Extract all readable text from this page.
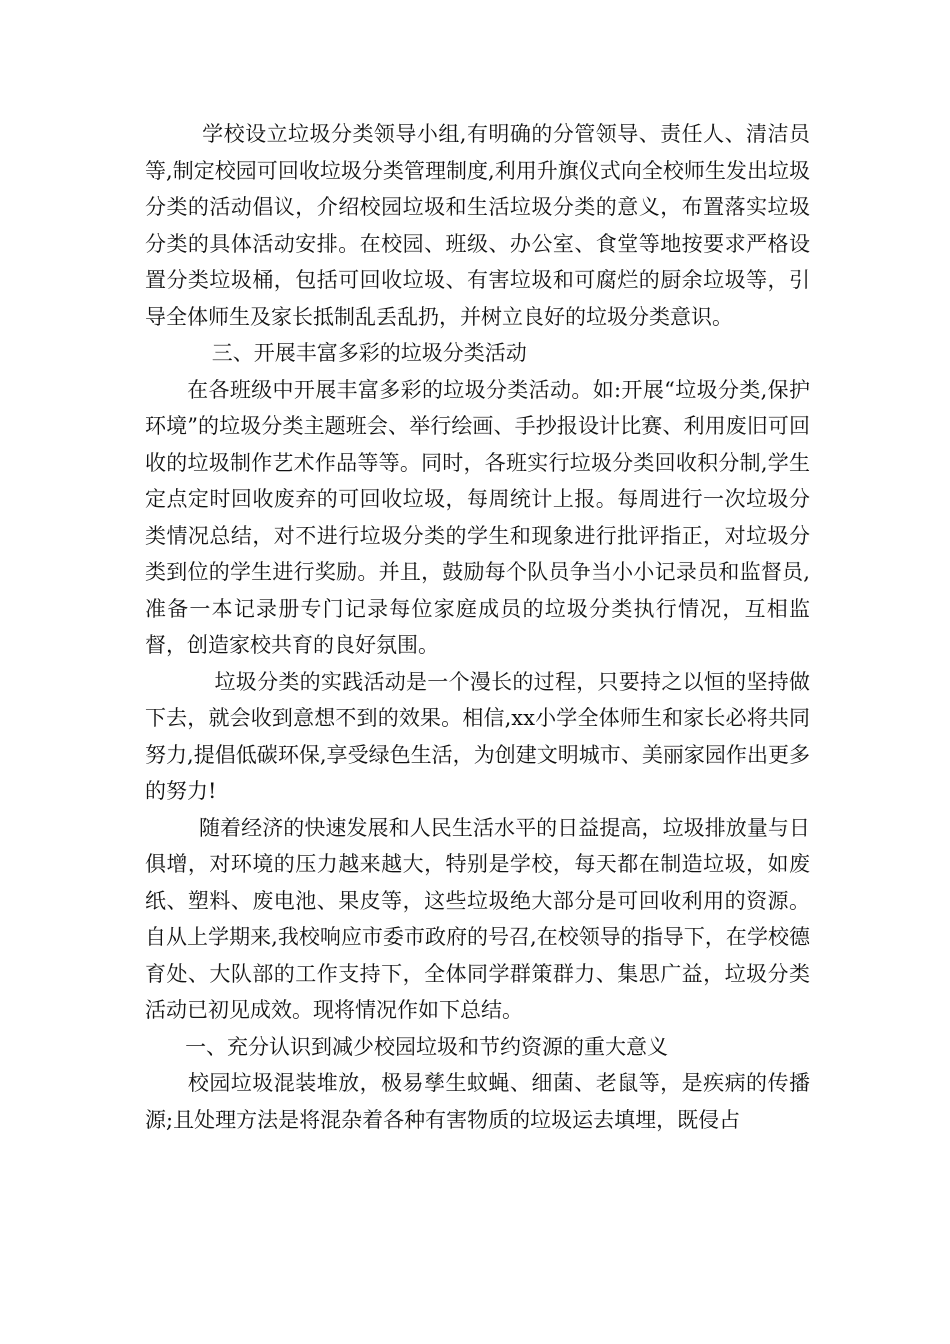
学校设立垃圾分类领导小组,有明确的分管领导、责任人、清洁员等,制定校园可回收垃圾分类管理制度,利用升旗仪式向全校师生发出垃圾分类的活动倡议，介绍校园垃圾和生活垃圾分类的意义，布置落实垃圾分类的具体活动安排。在校园、班级、办公室、食堂等地按要求严格设置分类垃圾桶，包括可回收垃圾、有害垃圾和可腐烂的厨余垃圾等，引导全体师生及家长抵制乱丢乱扔，并树立良好的垃圾分类意识。

三、开展丰富多彩的垃圾分类活动

在各班级中开展丰富多彩的垃圾分类活动。如:开展“垃圾分类,保护环境”的垃圾分类主题班会、举行绘画、手抄报设计比赛、利用废旧可回收的垃圾制作艺术作品等等。同时，各班实行垃圾分类回收积分制,学生定点定时回收废弃的可回收垃圾，每周统计上报。每周进行一次垃圾分类情况总结，对不进行垃圾分类的学生和现象进行批评指正，对垃圾分类到位的学生进行奖励。并且，鼓励每个队员争当小小记录员和监督员,准备一本记录册专门记录每位家庭成员的垃圾分类执行情况，互相监督，创造家校共育的良好氛围。

垃圾分类的实践活动是一个漫长的过程，只要持之以恒的坚持做下去，就会收到意想不到的效果。相信,xx小学全体师生和家长必将共同努力,提倡低碳环保,享受绿色生活，为创建文明城市、美丽家园作出更多的努力!

随着经济的快速发展和人民生活水平的日益提高，垃圾排放量与日俱增，对环境的压力越来越大，特别是学校，每天都在制造垃圾，如废纸、塑料、废电池、果皮等，这些垃圾绝大部分是可回收利用的资源。自从上学期来,我校响应市委市政府的号召,在校领导的指导下，在学校德育处、大队部的工作支持下，全体同学群策群力、集思广益，垃圾分类活动已初见成效。现将情况作如下总结。

一、充分认识到减少校园垃圾和节约资源的重大意义

校园垃圾混装堆放，极易孳生蚊蝇、细菌、老鼠等，是疾病的传播源;且处理方法是将混杂着各种有害物质的垃圾运去填埋，既侵占
